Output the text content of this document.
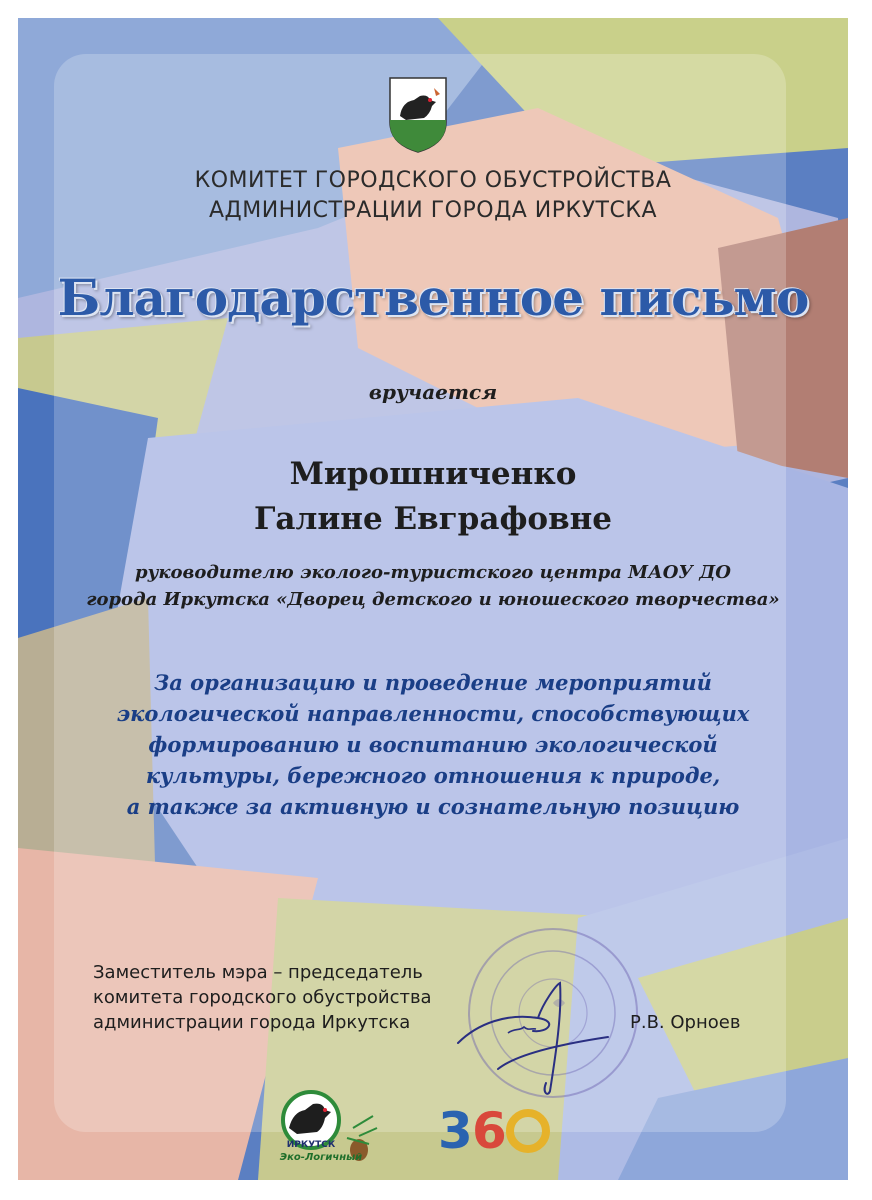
КОМИТЕТ ГОРОДСКОГО ОБУСТРОЙСТВА

АДМИНИСТРАЦИИ ГОРОДА ИРКУТСКА

Благодарственное письмо

вручается

Мирошниченко

Галине Евграфовне

руководителю эколого-туристского центра МАОУ ДО

города Иркутска «Дворец детского и юношеского творчества»

За организацию и проведение мероприятий

экологической направленности, способствующих

формированию и воспитанию экологической

культуры, бережного отношения к природе,

а также за активную и сознательную позицию

Заместитель мэра – председатель

комитета городского обустройства

администрации города Иркутска	Р.В. Орноев

ИРКУТСК

Эко-Логичный 3 6
